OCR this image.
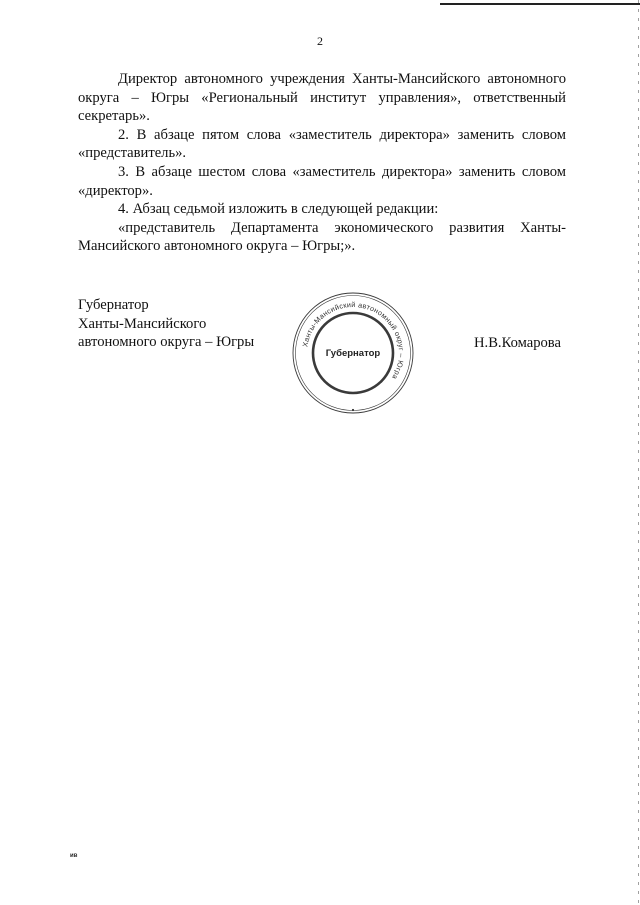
2

Директор автономного учреждения Ханты-Мансийского автономного округа – Югры «Региональный институт управления», ответственный секретарь».

2. В абзаце пятом слова «заместитель директора» заменить словом «представитель».

3. В абзаце шестом слова «заместитель директора» заменить словом «директор».

4. Абзац седьмой изложить в следующей редакции:

«представитель Департамента экономического развития Ханты-Мансийского автономного округа – Югры;».

Губернатор
Ханты-Мансийского
автономного округа – Югры	Ханты-Мансийский автономный округ – Югра
Губернатор
Н.В.Комарова
ив
